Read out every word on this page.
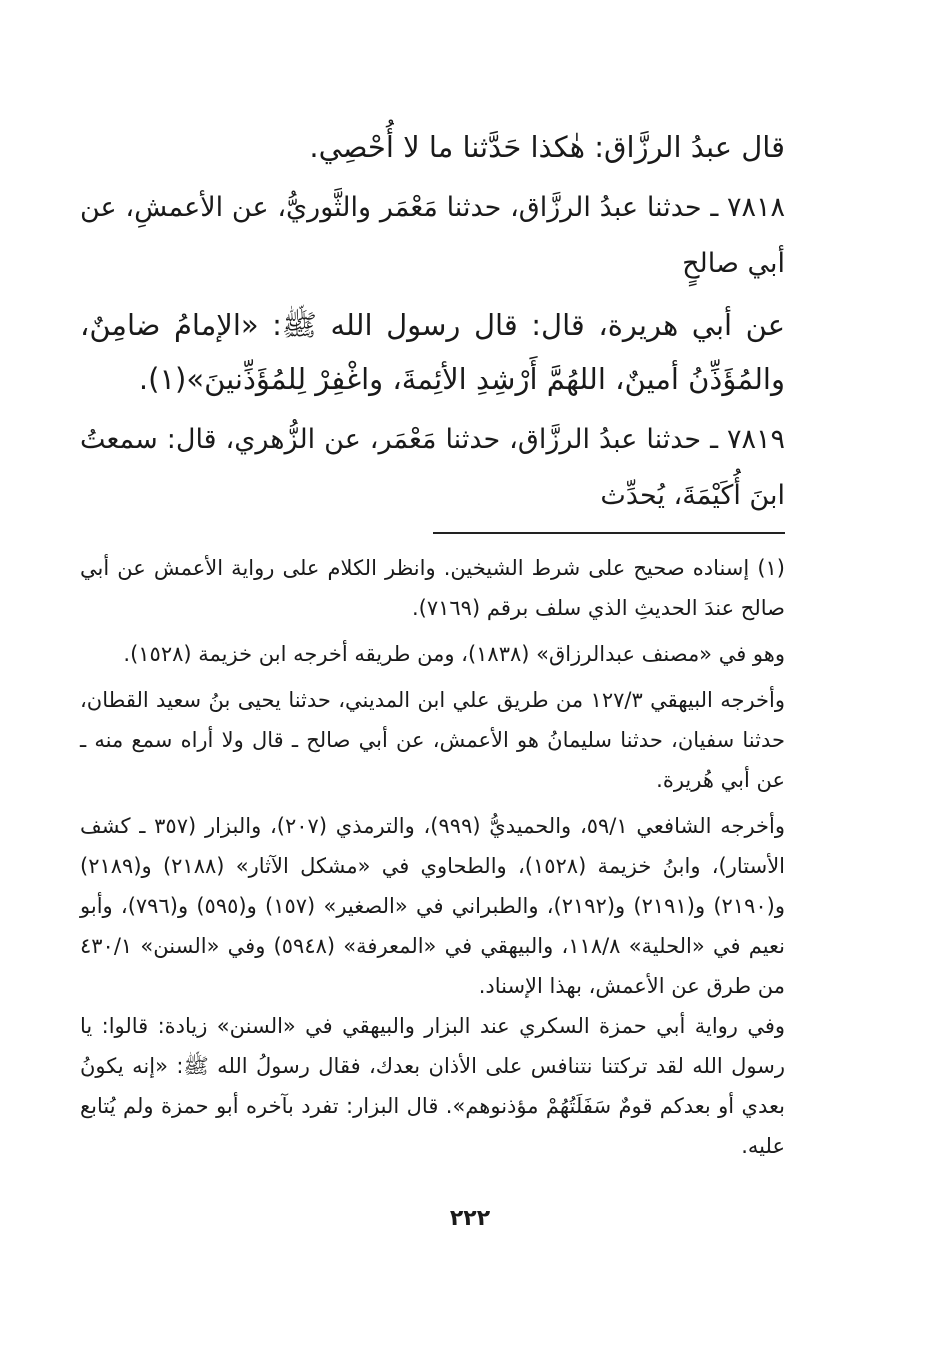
قال عبدُ الرزَّاق: هٰكذا حَدَّثنا ما لا أُحْصِي.

٧٨١٨ ـ حدثنا عبدُ الرزَّاق، حدثنا مَعْمَر والثَّوريُّ، عن الأعمشِ، عن أبي صالحٍ

عن أبي هريرة، قال: قال رسول الله ﷺ: «الإمامُ ضامِنٌ، والمُؤَذِّنُ أمينٌ، اللهُمَّ أَرْشِدِ الأئِمةَ، واغْفِرْ لِلمُؤَذِّنينَ»(١).

٧٨١٩ ـ حدثنا عبدُ الرزَّاق، حدثنا مَعْمَر، عن الزُّهري، قال: سمعتُ ابنَ أُكَيْمَةَ، يُحدِّث

(١) إسناده صحيح على شرط الشيخين. وانظر الكلام على رواية الأعمش عن أبي صالح عندَ الحديثِ الذي سلف برقم (٧١٦٩).

وهو في «مصنف عبدالرزاق» (١٨٣٨)، ومن طريقه أخرجه ابن خزيمة (١٥٢٨).

وأخرجه البيهقي ١٢٧/٣ من طريق علي ابن المديني، حدثنا يحيى بنُ سعيد القطان، حدثنا سفيان، حدثنا سليمانُ هو الأعمش، عن أبي صالح ـ قال ولا أراه سمع منه ـ عن أبي هُريرة.

وأخرجه الشافعي ٥٩/١، والحميديُّ (٩٩٩)، والترمذي (٢٠٧)، والبزار (٣٥٧ ـ كشف الأستار)، وابنُ خزيمة (١٥٢٨)، والطحاوي في «مشكل الآثار» (٢١٨٨) و(٢١٨٩) و(٢١٩٠) و(٢١٩١) و(٢١٩٢)، والطبراني في «الصغير» (١٥٧) و(٥٩٥) و(٧٩٦)، وأبو نعيم في «الحلية» ١١٨/٨، والبيهقي في «المعرفة» (٥٩٤٨) وفي «السنن» ٤٣٠/١ من طرق عن الأعمش، بهذا الإسناد.

وفي رواية أبي حمزة السكري عند البزار والبيهقي في «السنن» زيادة: قالوا: يا رسول الله لقد تركتنا نتنافس على الأذان بعدك، فقال رسولُ الله ﷺ: «إنه يكونُ بعدي أو بعدكم قومٌ سَفَلَتُهُمْ مؤذنوهم». قال البزار: تفرد بآخره أبو حمزة ولم يُتابع عليه.

٢٢٢
